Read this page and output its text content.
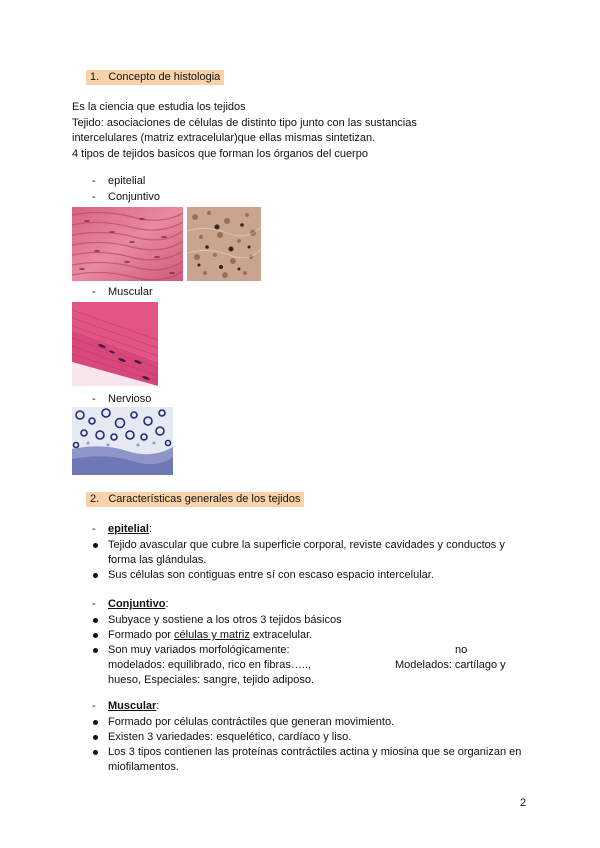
1. Concepto de histologia
Es la ciencia que estudia los tejidos
Tejido: asociaciones de células de distinto tipo junto con las sustancias
intercelulares (matriz extracelular)que ellas mismas sintetizan.
4 tipos de tejidos basicos que forman los órganos del cuerpo
- epitelial
- Conjuntivo
- Muscular
- Nervioso
2. Características generales de los tejidos
- epitelial:
Tejido avascular que cubre la superficie corporal, reviste cavidades y conductos y
forma las glándulas.
Sus células son contiguas entre sí con escaso espacio intercelular.
- Conjuntivo:
Subyace y sostiene a los otros 3 tejidos básicos
Formado por células y matriz extracelular.
Son muy variados morfológicamente:	no
modelados: equilibrado, rico en fibras…..,	Modelados: cartílago y
hueso, Especiales: sangre, tejido adiposo.
- Muscular:
Formado por células contráctiles que generan movimiento.
Existen 3 variedades: esquelético, cardíaco y liso.
Los 3 tipos contienen las proteínas contráctiles actina y miosina que se organizan en
miofilamentos.
2
